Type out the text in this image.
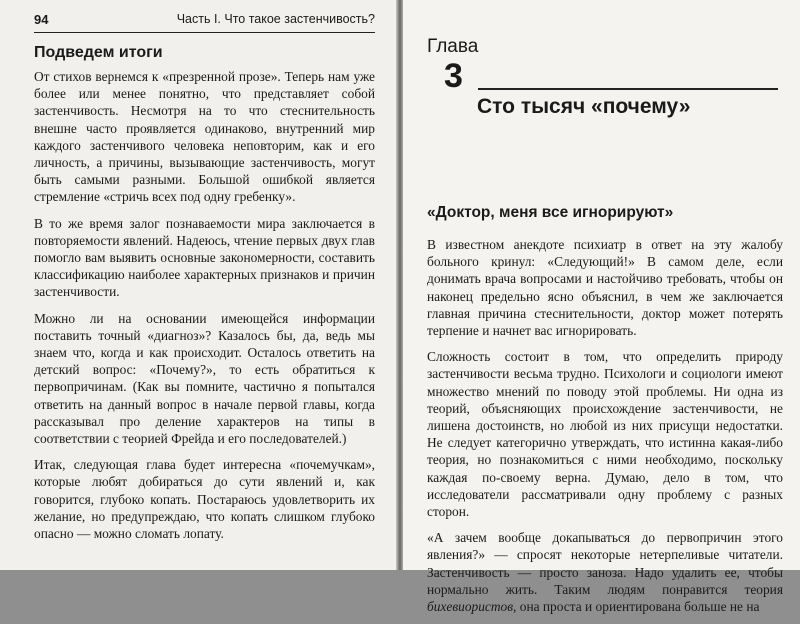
94	Часть I. Что такое застенчивость?
Подведем итоги

От стихов вернемся к «презренной прозе». Теперь нам уже более или менее понятно, что представляет собой застенчивость. Несмотря на то что стеснительность внешне часто проявляется одинаково, внутренний мир каждого застенчивого человека неповторим, как и его личность, а причины, вызывающие застенчивость, могут быть самыми разными. Большой ошибкой является стремление «стричь всех под одну гребенку».

В то же время залог познаваемости мира заключается в повторяемости явлений. Надеюсь, чтение первых двух глав помогло вам выявить основные закономерности, составить классификацию наиболее характерных признаков и причин застенчивости.

Можно ли на основании имеющейся информации поставить точный «диагноз»? Казалось бы, да, ведь мы знаем что, когда и как происходит. Осталось ответить на детский вопрос: «Почему?», то есть обратиться к первопричинам. (Как вы помните, частично я попытался ответить на данный вопрос в начале первой главы, когда рассказывал про деление характеров на типы в соответствии с теорией Фрейда и его последователей.)

Итак, следующая глава будет интересна «почемучкам», которые любят добираться до сути явлений и, как говорится, глубоко копать. Постараюсь удовлетворить их желание, но предупреждаю, что копать слишком глубоко опасно — можно сломать лопату.

Глава
3
Сто тысяч «почему»
«Доктор, меня все игнорируют»

В известном анекдоте психиатр в ответ на эту жалобу больного кринул: «Следующий!» В самом деле, если донимать врача вопросами и настойчиво требовать, чтобы он наконец предельно ясно объяснил, в чем же заключается главная причина стеснительности, доктор может потерять терпение и начнет вас игнорировать.

Сложность состоит в том, что определить природу застенчивости весьма трудно. Психологи и социологи имеют множество мнений по поводу этой проблемы. Ни одна из теорий, объясняющих происхождение застенчивости, не лишена достоинств, но любой из них присущи недостатки. Не следует категорично утверждать, что истинна какая-либо теория, но познакомиться с ними необходимо, поскольку каждая по-своему верна. Думаю, дело в том, что исследователи рассматривали одну проблему с разных сторон.

«А зачем вообще докапываться до первопричин этого явления?» — спросят некоторые нетерпеливые читатели. Застенчивость — просто заноза. Надо удалить ее, чтобы нормально жить. Таким людям понравится теория бихевиористов, она проста и ориентирована больше не на
